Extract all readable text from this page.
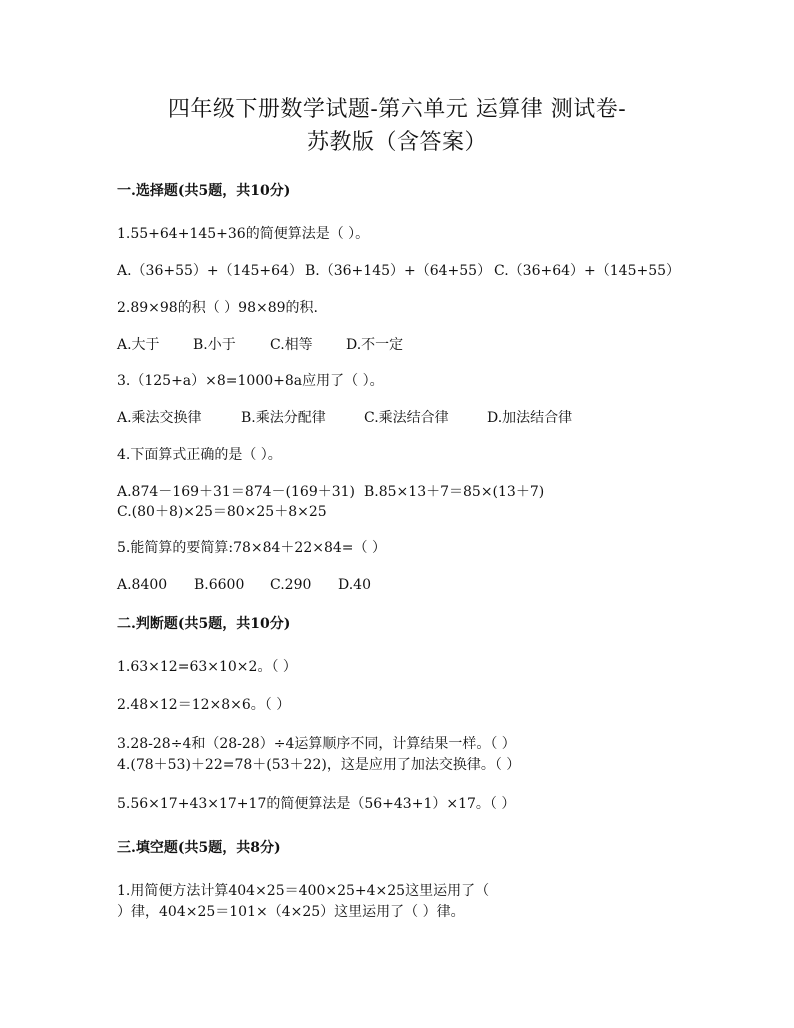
四年级下册数学试题-第六单元 运算律 测试卷-
苏教版（含答案）
一.选择题(共5题，共10分)
1.55+64+145+36的简便算法是（ ）。
A.（36+55）+（145+64） B.（36+145）+（64+55） C.（36+64）+（145+55）
2.89×98的积（ ）98×89的积.
A.大于 B.小于 C.相等 D.不一定
3.（125+a）×8=1000+8a应用了（ ）。
A.乘法交换律	B.乘法分配律	C.乘法结合律	D.加法结合律
4.下面算式正确的是（ ）。
A.874－169＋31＝874－(169＋31) B.85×13＋7＝85×(13＋7)
C.(80＋8)×25＝80×25＋8×25
5.能简算的要简算:78×84＋22×84=（ ）
A.8400 B.6600 C.290 D.40
二.判断题(共5题，共10分)
1.63×12=63×10×2。（ ）
2.48×12＝12×8×6。（ ）
3.28-28÷4和（28-28）÷4运算顺序不同，计算结果一样。（ ）
4.(78＋53)＋22=78＋(53＋22)，这是应用了加法交换律。（ ）
5.56×17+43×17+17的简便算法是（56+43+1）×17。（ ）
三.填空题(共5题，共8分)
1.用简便方法计算404×25＝400×25+4×25这里运用了（
）律，404×25＝101×（4×25）这里运用了（ ）律。
